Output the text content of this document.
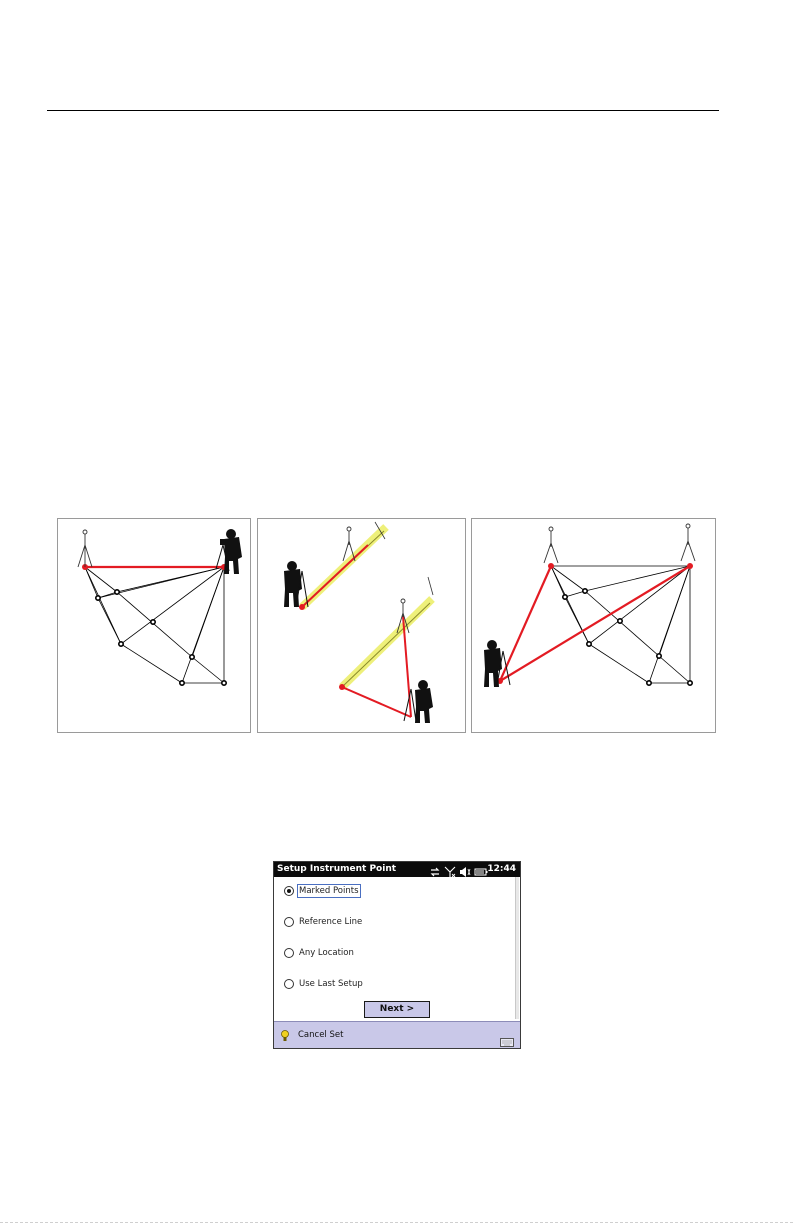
Setup Instrument Point	12:44
Marked Points
Reference Line
Any Location
Use Last Setup
Next >
Cancel Set
